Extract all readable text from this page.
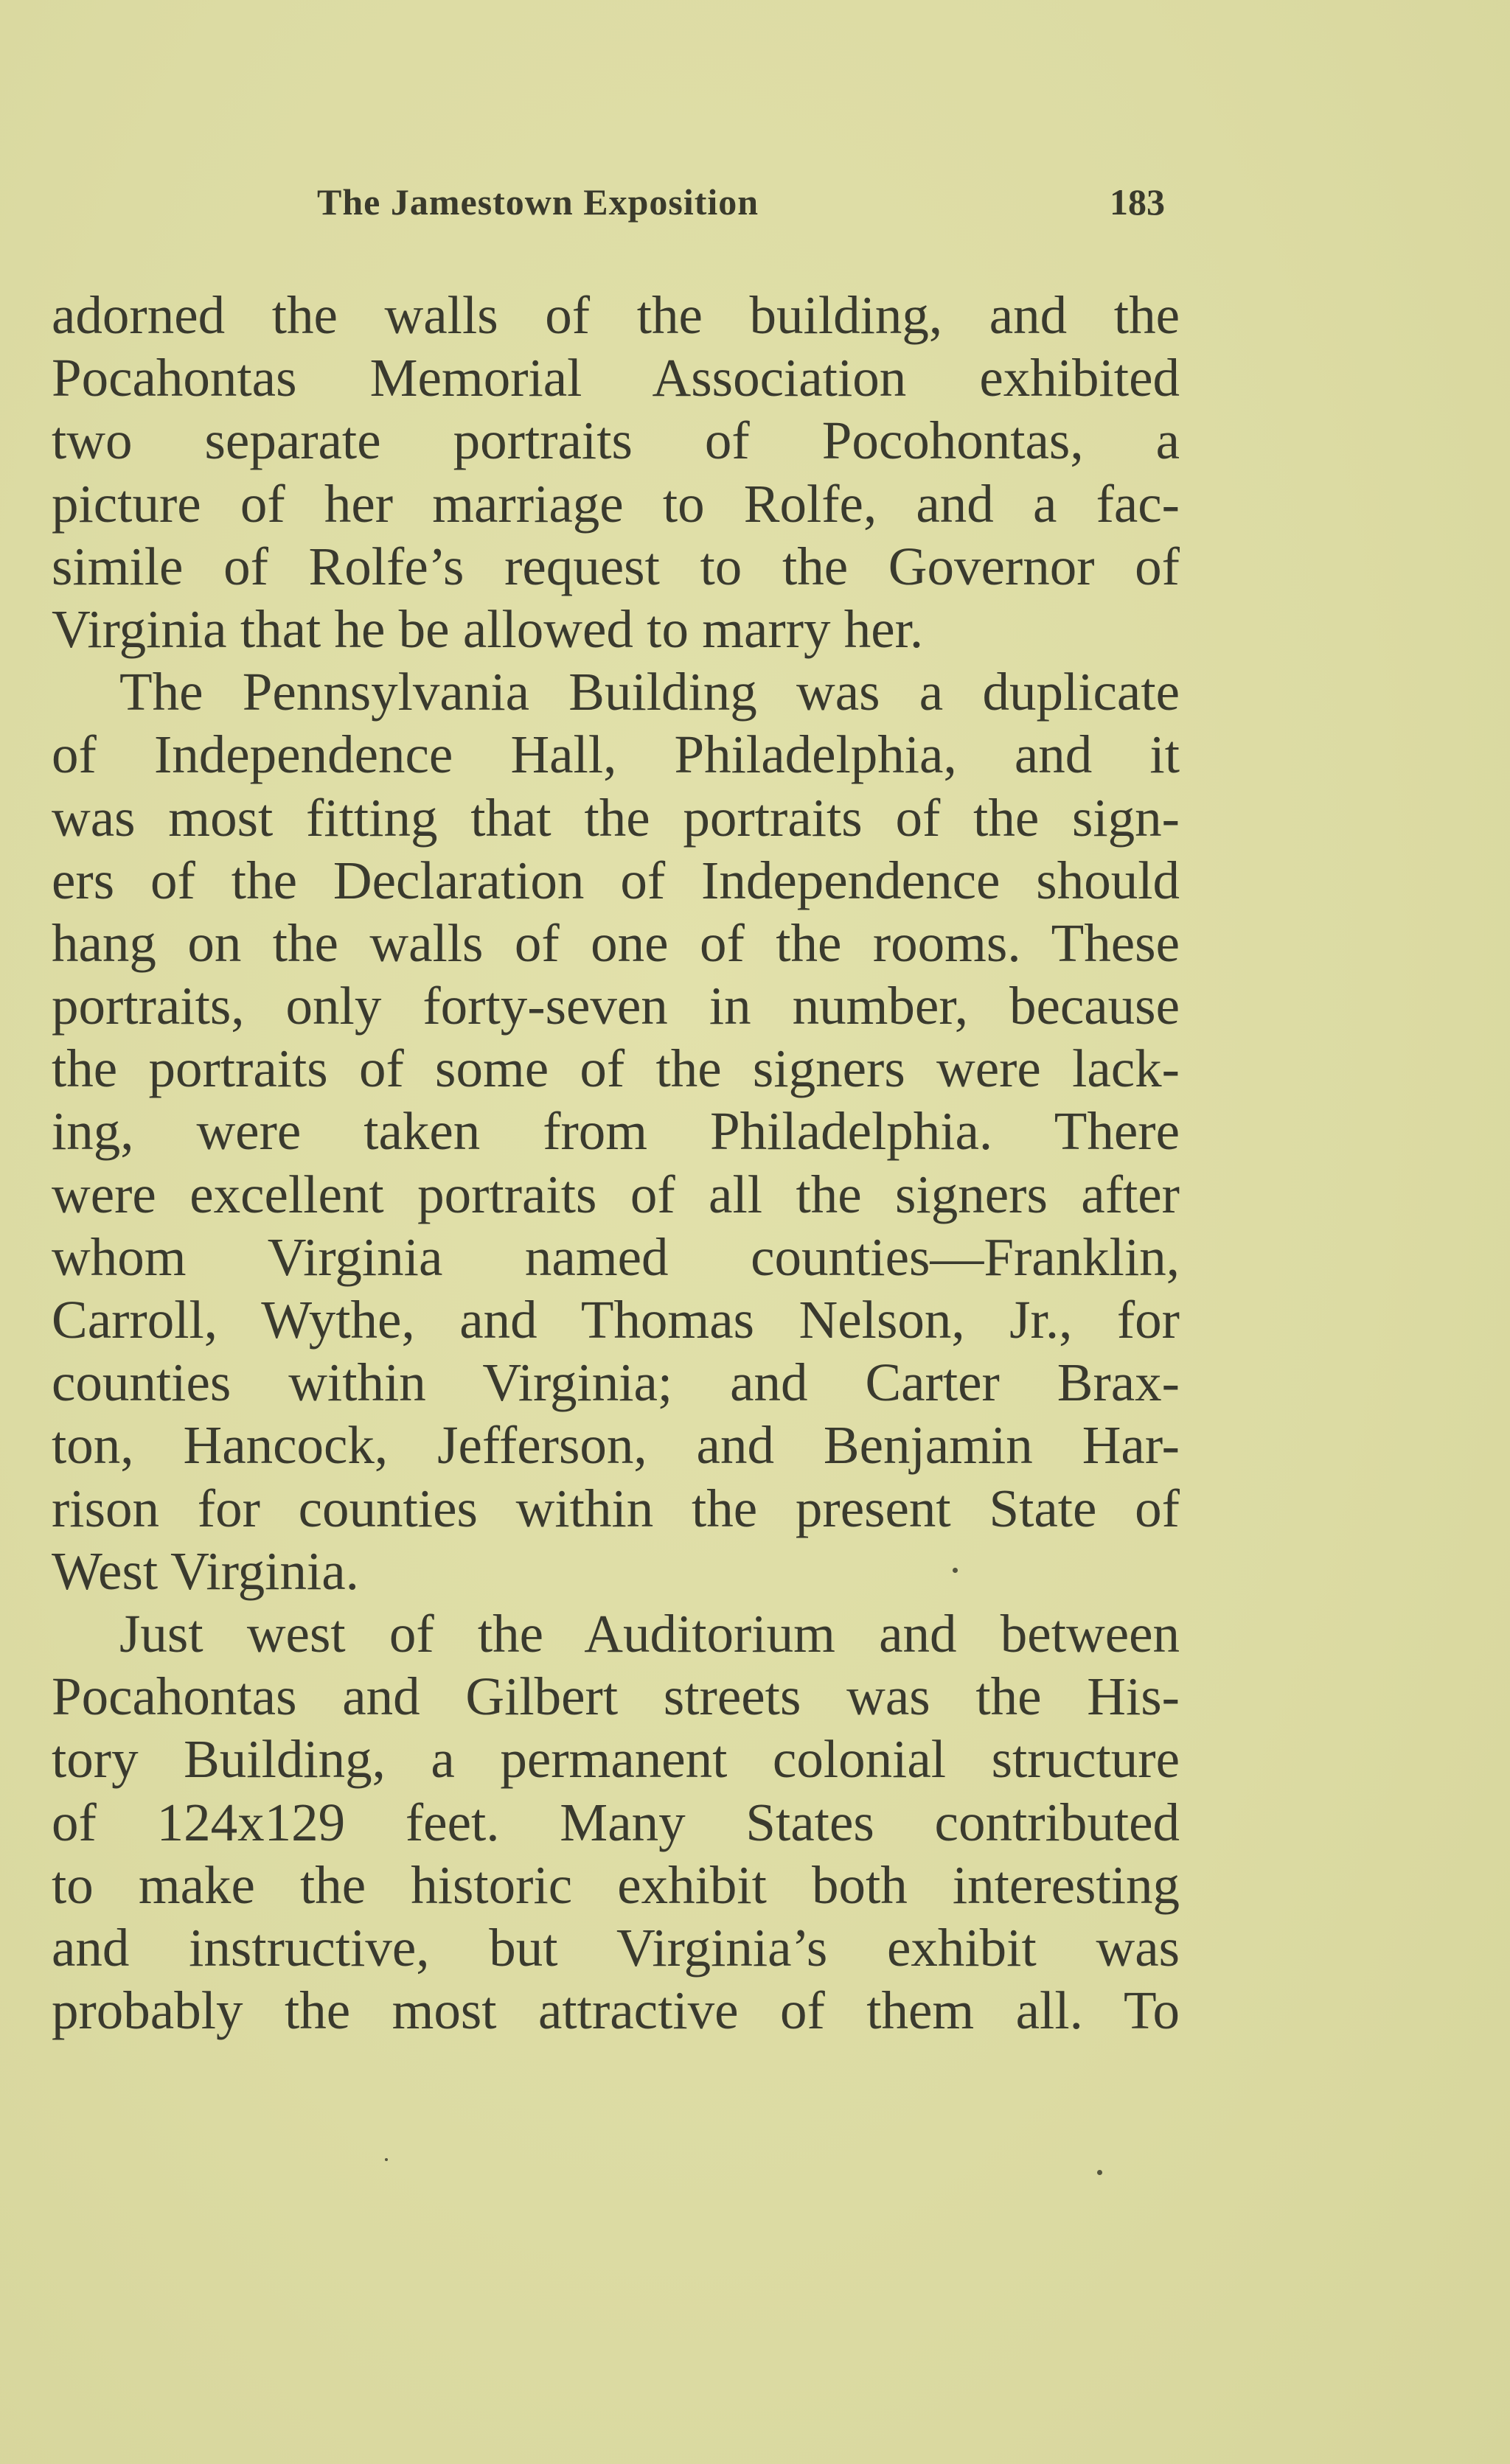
The Jamestown Exposition	183
adorned the walls of the building, and the
Pocahontas Memorial Association exhibited
two separate portraits of Pocohontas, a
picture of her marriage to Rolfe, and a fac-
simile of Rolfe’s request to the Governor of
Virginia that he be allowed to marry her.
The Pennsylvania Building was a duplicate
of Independence Hall, Philadelphia, and it
was most fitting that the portraits of the sign-
ers of the Declaration of Independence should
hang on the walls of one of the rooms. These
portraits, only forty-seven in number, because
the portraits of some of the signers were lack-
ing, were taken from Philadelphia. There
were excellent portraits of all the signers after
whom Virginia named counties—Franklin,
Carroll, Wythe, and Thomas Nelson, Jr., for
counties within Virginia; and Carter Brax-
ton, Hancock, Jefferson, and Benjamin Har-
rison for counties within the present State of
West Virginia.
Just west of the Auditorium and between
Pocahontas and Gilbert streets was the His-
tory Building, a permanent colonial structure
of 124x129 feet. Many States contributed
to make the historic exhibit both interesting
and instructive, but Virginia’s exhibit was
probably the most attractive of them all. To
